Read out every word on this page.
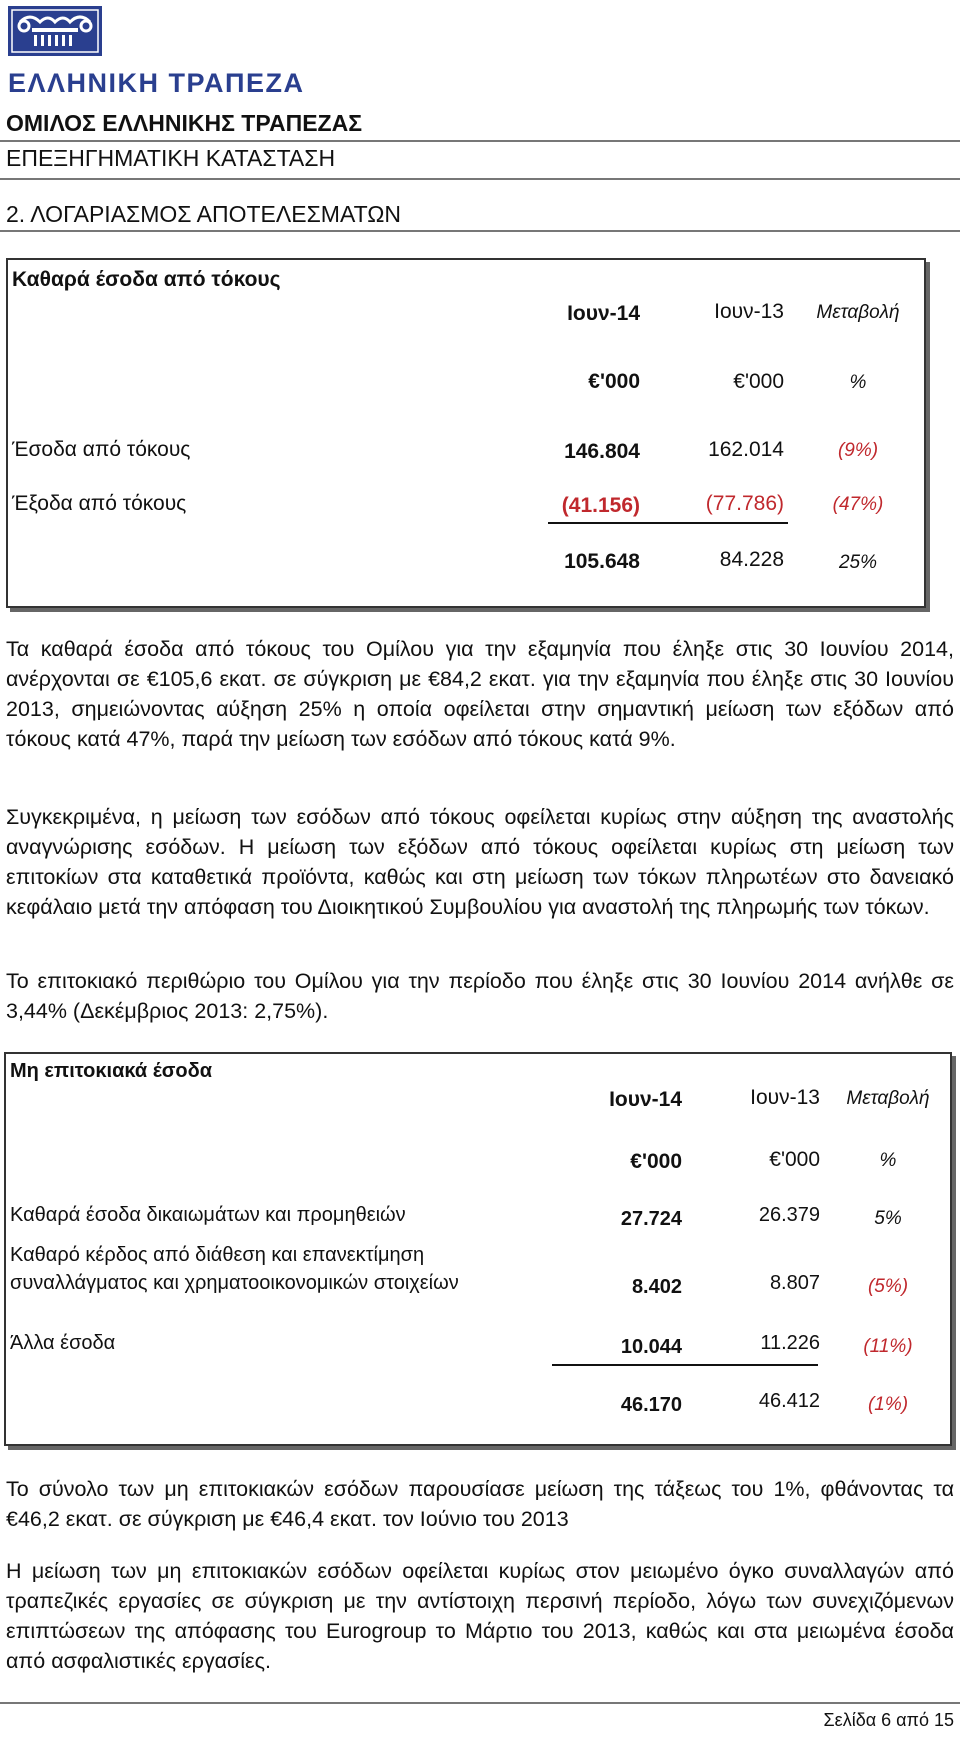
ΕΛΛΗΝΙΚΗ ΤΡΑΠΕΖΑ
ΟΜΙΛΟΣ ΕΛΛΗΝΙΚΗΣ ΤΡΑΠΕΖΑΣ
ΕΠΕΞΗΓΗΜΑΤΙΚΗ ΚΑΤΑΣΤΑΣΗ
2. ΛΟΓΑΡΙΑΣΜΟΣ ΑΠΟΤΕΛΕΣΜΑΤΩΝ
Καθαρά έσοδα από τόκους
Ιουν-14	Ιουν-13	Μεταβολή
€'000	€'000	%
Έσοδα από τόκους	146.804	162.014	(9%)
Έξοδα από τόκους	(41.156)	(77.786)	(47%)
105.648	84.228	25%
Τα καθαρά έσοδα από τόκους του Ομίλου για την εξαμηνία που έληξε στις 30 Ιουνίου 2014, ανέρχονται σε €105,6 εκατ. σε σύγκριση με €84,2 εκατ. για την εξαμηνία που έληξε στις 30 Ιουνίου 2013, σημειώνοντας αύξηση 25% η οποία οφείλεται στην σημαντική μείωση των εξόδων από τόκους κατά 47%, παρά την μείωση των εσόδων από τόκους κατά 9%.
Συγκεκριμένα, η μείωση των εσόδων από τόκους οφείλεται κυρίως στην αύξηση της αναστολής αναγνώρισης εσόδων. Η μείωση των εξόδων από τόκους οφείλεται κυρίως στη μείωση των επιτοκίων στα καταθετικά προϊόντα, καθώς και στη μείωση των τόκων πληρωτέων στο δανειακό κεφάλαιο μετά την απόφαση του Διοικητικού Συμβουλίου για αναστολή της πληρωμής των τόκων.
Το επιτοκιακό περιθώριο του Ομίλου για την περίοδο που έληξε στις 30 Ιουνίου 2014 ανήλθε σε 3,44% (Δεκέμβριος 2013: 2,75%).
Μη επιτοκιακά έσοδα
Ιουν-14	Ιουν-13	Μεταβολή
€'000	€'000	%
Καθαρά έσοδα δικαιωμάτων και προμηθειών	27.724	26.379	5%
Καθαρό κέρδος από διάθεση και επανεκτίμηση
συναλλάγματος και χρηματοοικονομικών στοιχείων	8.402	8.807	(5%)
Άλλα έσοδα	10.044	11.226	(11%)
46.170	46.412	(1%)
Το σύνολο των μη επιτοκιακών εσόδων παρουσίασε μείωση της τάξεως του 1%, φθάνοντας τα €46,2 εκατ. σε σύγκριση με €46,4 εκατ. τον Ιούνιο του 2013
Η μείωση των μη επιτοκιακών εσόδων οφείλεται κυρίως στον μειωμένο όγκο συναλλαγών από τραπεζικές εργασίες σε σύγκριση με την αντίστοιχη περσινή περίοδο, λόγω των συνεχιζόμενων επιπτώσεων της απόφασης του Eurogroup το Μάρτιο του 2013, καθώς και στα μειωμένα έσοδα από ασφαλιστικές εργασίες.
Σελίδα 6 από 15
